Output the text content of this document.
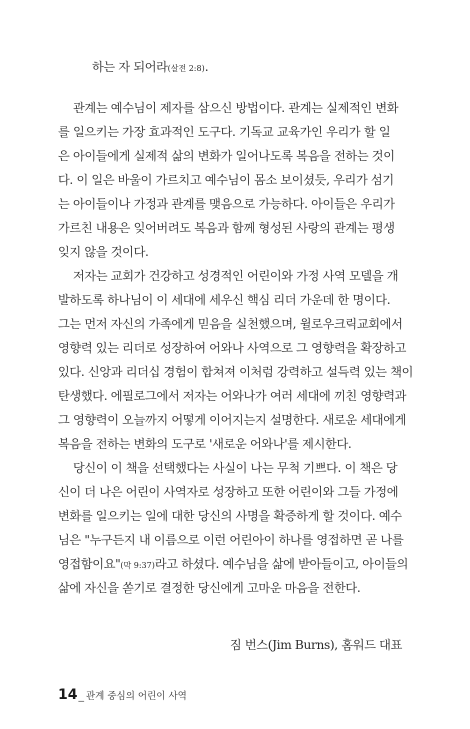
하는 자 되어라(살전 2:8).
관계는 예수님이 제자를 삼으신 방법이다. 관계는 실제적인 변화
를 일으키는 가장 효과적인 도구다. 기독교 교육가인 우리가 할 일
은 아이들에게 실제적 삶의 변화가 일어나도록 복음을 전하는 것이
다. 이 일은 바울이 가르치고 예수님이 몸소 보이셨듯, 우리가 섬기
는 아이들이나 가정과 관계를 맺음으로 가능하다. 아이들은 우리가
가르친 내용은 잊어버려도 복음과 함께 형성된 사랑의 관계는 평생
잊지 않을 것이다.
저자는 교회가 건강하고 성경적인 어린이와 가정 사역 모델을 개
발하도록 하나님이 이 세대에 세우신 핵심 리더 가운데 한 명이다.
그는 먼저 자신의 가족에게 믿음을 실천했으며, 윌로우크릭교회에서
영향력 있는 리더로 성장하여 어와나 사역으로 그 영향력을 확장하고
있다. 신앙과 리더십 경험이 합쳐져 이처럼 강력하고 설득력 있는 책이
탄생했다. 에필로그에서 저자는 어와나가 여러 세대에 끼친 영향력과
그 영향력이 오늘까지 어떻게 이어지는지 설명한다. 새로운 세대에게
복음을 전하는 변화의 도구로 '새로운 어와나'를 제시한다.
당신이 이 책을 선택했다는 사실이 나는 무척 기쁘다. 이 책은 당
신이 더 나은 어린이 사역자로 성장하고 또한 어린이와 그들 가정에
변화를 일으키는 일에 대한 당신의 사명을 확증하게 할 것이다. 예수
님은 "누구든지 내 이름으로 이런 어린아이 하나를 영접하면 곧 나를
영접함이요"(막 9:37)라고 하셨다. 예수님을 삶에 받아들이고, 아이들의
삶에 자신을 쏟기로 결정한 당신에게 고마운 마음을 전한다.
짐 번스(Jim Burns), 홈워드 대표
14_ 관계 중심의 어린이 사역
